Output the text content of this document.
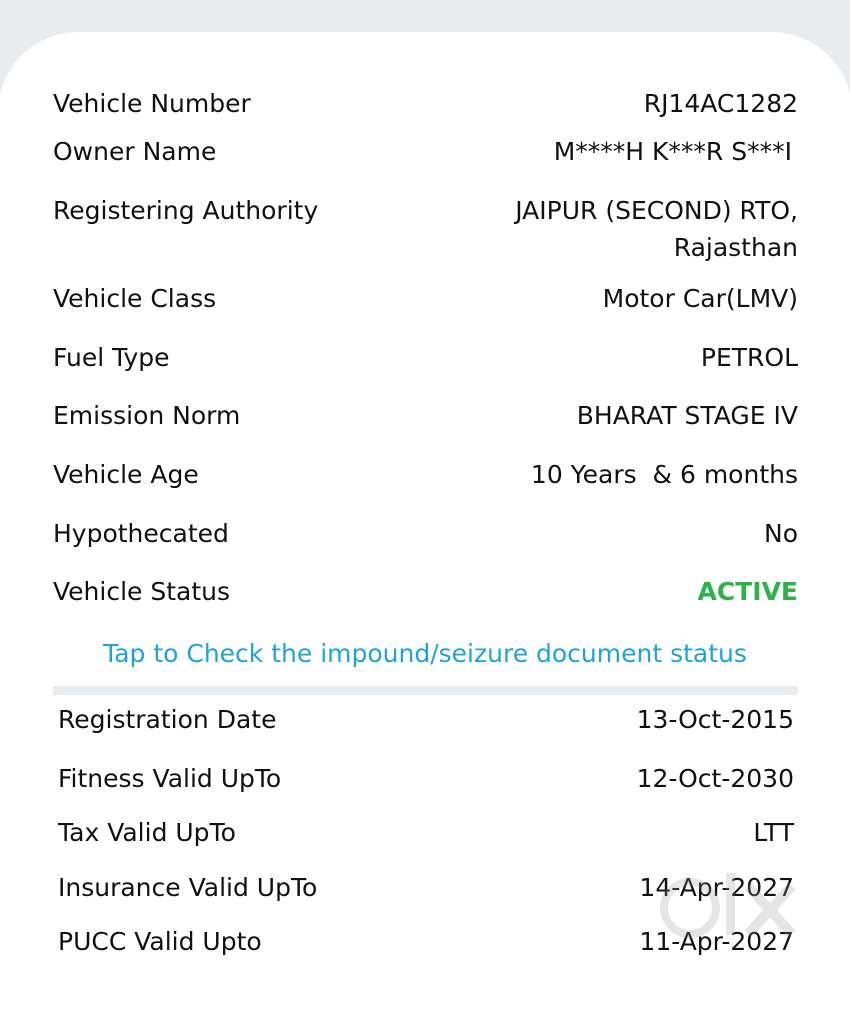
Vehicle Number	RJ14AC1282
Owner Name	M****H K***R S***I
Registering Authority	JAIPUR (SECOND) RTO,
Rajasthan
Vehicle Class	Motor Car(LMV)
Fuel Type	PETROL
Emission Norm	BHARAT STAGE IV
Vehicle Age	10 Years  & 6 months
Hypothecated	No
Vehicle Status	ACTIVE
Tap to Check the impound/seizure document status
Registration Date	13-Oct-2015
Fitness Valid UpTo	12-Oct-2030
Tax Valid UpTo	LTT
Insurance Valid UpTo	14-Apr-2027
PUCC Valid Upto	11-Apr-2027
